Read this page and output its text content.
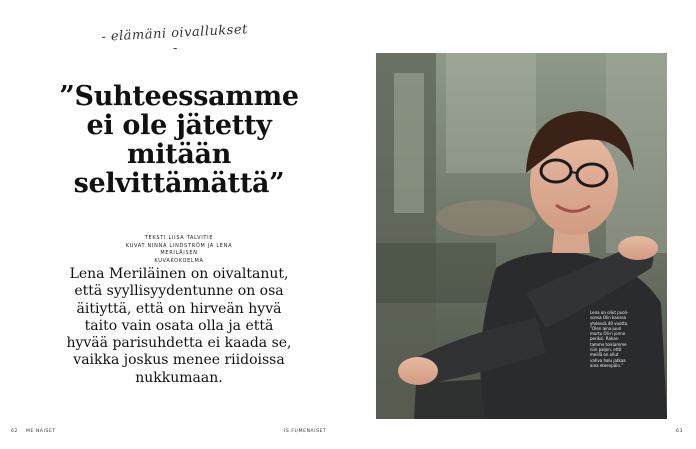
- elämäni oivallukset -
”Suhteessamme
ei ole jätetty
mitään
selvittämättä”
TEKSTI LIISA TALVITIE
KUVAT NINNA LINDSTRÖM JA LENA MERILÄISEN
KUVAKOKOELMA
Lena Meriläinen on oivaltanut,
että syyllisyydentunne on osa
äitiyttä, että on hirveän hyvä
taito vain osata olla ja että
hyvää parisuhdetta ei kaada se,
vaikka joskus menee riidoissa
nukkumaan.
Lena on ollut puoli-
sonsa Olin kanssa
yhdessä 40 vuotta.
”Olen aina juuri
murtu Oli-n jonne
periksi. Rakas-
tamme toisiamme
niin paljon, että
meillä on ollut
vahva halu jatkaa
aina eteenpäin.”
62 ME NAISET	IS.FI/MENAISET	63
